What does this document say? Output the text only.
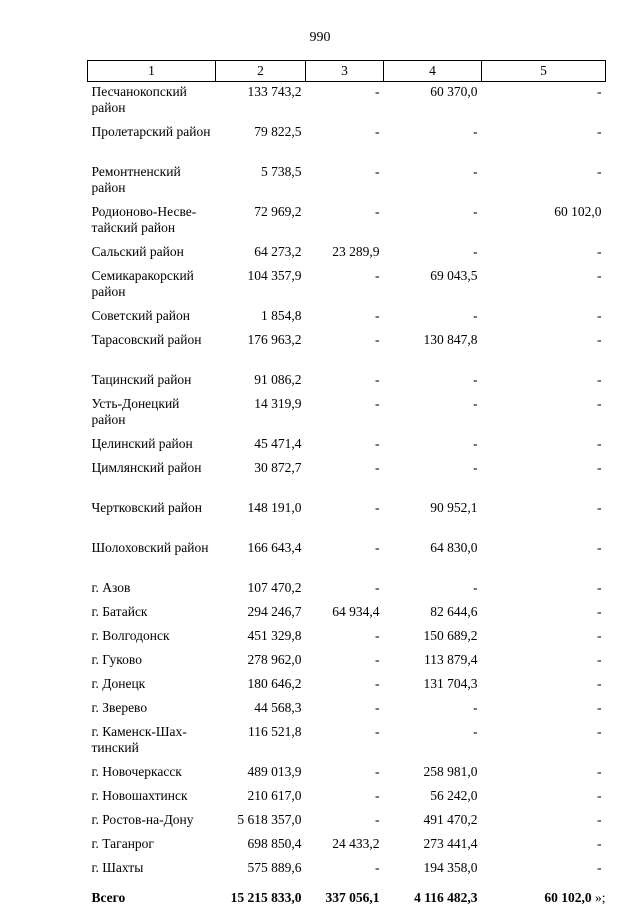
990
1	2	3	4	5
Песчанокопский район	133 743,2	-	60 370,0	-
Пролетарский район	79 822,5	-	-	-
Ремонтненский район	5 738,5	-	-	-
Родионово-Несве-тайский район	72 969,2	-	-	60 102,0
Сальский район	64 273,2	23 289,9	-	-
Семикаракорский район	104 357,9	-	69 043,5	-
Советский район	1 854,8	-	-	-
Тарасовский район	176 963,2	-	130 847,8	-
Тацинский район	91 086,2	-	-	-
Усть-Донецкий район	14 319,9	-	-	-
Целинский район	45 471,4	-	-	-
Цимлянский район	30 872,7	-	-	-
Чертковский район	148 191,0	-	90 952,1	-
Шолоховский район	166 643,4	-	64 830,0	-
г. Азов	107 470,2	-	-	-
г. Батайск	294 246,7	64 934,4	82 644,6	-
г. Волгодонск	451 329,8	-	150 689,2	-
г. Гуково	278 962,0	-	113 879,4	-
г. Донецк	180 646,2	-	131 704,3	-
г. Зверево	44 568,3	-	-	-
г. Каменск-Шах-тинский	116 521,8	-	-	-
г. Новочеркасск	489 013,9	-	258 981,0	-
г. Новошахтинск	210 617,0	-	56 242,0	-
г. Ростов-на-Дону	5 618 357,0	-	491 470,2	-
г. Таганрог	698 850,4	24 433,2	273 441,4	-
г. Шахты	575 889,6	-	194 358,0	-
Всего	15 215 833,0	337 056,1	4 116 482,3	60 102,0 »;
